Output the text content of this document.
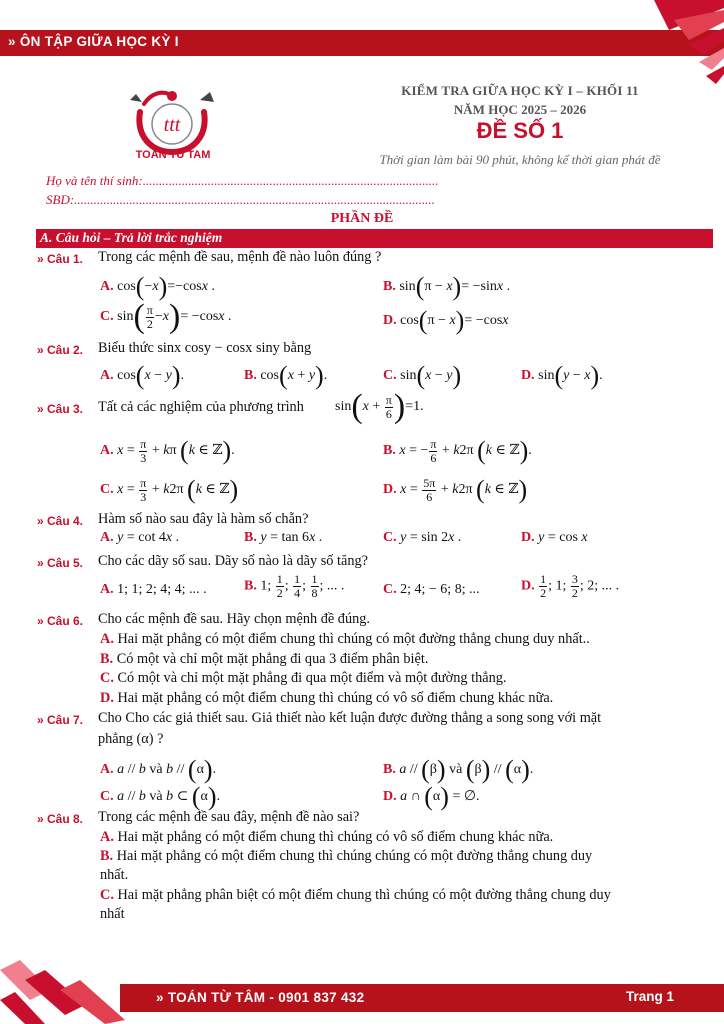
» ÔN TẬP GIỮA HỌC KỲ I
ttt
TOAN TU TAM
KIỂM TRA GIỮA HỌC KỲ I – KHỐI 11
NĂM HỌC 2025 – 2026
ĐỀ SỐ 1
Thời gian làm bài 90 phút, không kể thời gian phát đề
Họ và tên thí sinh:...........................................................................................
SBD:...............................................................................................................
PHẦN ĐỀ
A. Câu hỏi – Trả lời trắc nghiệm
» Câu 1. Trong các mệnh đề sau, mệnh đề nào luôn đúng ?
A. cos(−x)=−cosx .	B. sin(π − x)= −sinx .
C. $\sin( \frac{\pi}{2} -x)= -\cos x$ .	D. cos(π − x)= −cosx
» Câu 2. Biểu thức sinx cosy − cosx siny bằng
A. cos(x − y).	B. cos(x + y).	C. sin(x − y)	D. sin(y − x).
» Câu 3. Tất cả các nghiệm của phương trình $\sin(x + \frac{\pi}{6} )=1$.
A. $x = \frac{\pi}{3} + k\pi$ (k ∈ ℤ).	B. x = − $\frac{\pi}{6} + k2\pi$ (k ∈ ℤ).
C. $x = \frac{\pi}{3} + k2\pi$ (k ∈ ℤ)	D. $x = \frac{5\pi}{6} + k2\pi$ (k ∈ ℤ)
» Câu 4. Hàm số nào sau đây là hàm số chẵn?
A. y = cot 4x .	B. y = tan 6x .	C. y = sin 2x .	D. y = cos x
» Câu 5. Cho các dãy số sau. Dãy số nào là dãy số tăng?
A. 1; 1; 2; 4; 4; ... .	B. 1; $\frac{1}{2}$ ; $\frac{1}{4}$ ; $\frac{1}{8}$ ; ... .	C. 2; 4; − 6; 8; ...	D. $\frac{1}{2}$ ; 1; $\frac{3}{2}$ ; 2; ... .
» Câu 6. Cho các mệnh đề sau. Hãy chọn mệnh đề đúng.
A. Hai mặt phẳng có một điểm chung thì chúng có một đường thẳng chung duy nhất..
B. Có một và chỉ một mặt phẳng đi qua 3 điểm phân biệt.
C. Có một và chỉ một mặt phẳng đi qua một điểm và một đường thẳng.
D. Hai mặt phẳng có một điểm chung thì chúng có vô số điểm chung khác nữa.
» Câu 7. Cho Cho các giả thiết sau. Giả thiết nào kết luận được đường thẳng a song song với mặt
phẳng (α) ?
A. a // b và b // (α).	B. a // (β) và (β) // (α).
C. a // b và b ⊂ (α).	D. a ∩ (α) = ∅.
» Câu 8. Trong các mệnh đề sau đây, mệnh đề nào sai?
A. Hai mặt phẳng có một điểm chung thì chúng có vô số điểm chung khác nữa.
B. Hai mặt phẳng có một điểm chung thì chúng chúng có một đường thẳng chung duy
nhất.
C. Hai mặt phẳng phân biệt có một điểm chung thì chúng có một đường thẳng chung duy
nhất
» TOÁN TỪ TÂM - 0901 837 432	Trang 1
